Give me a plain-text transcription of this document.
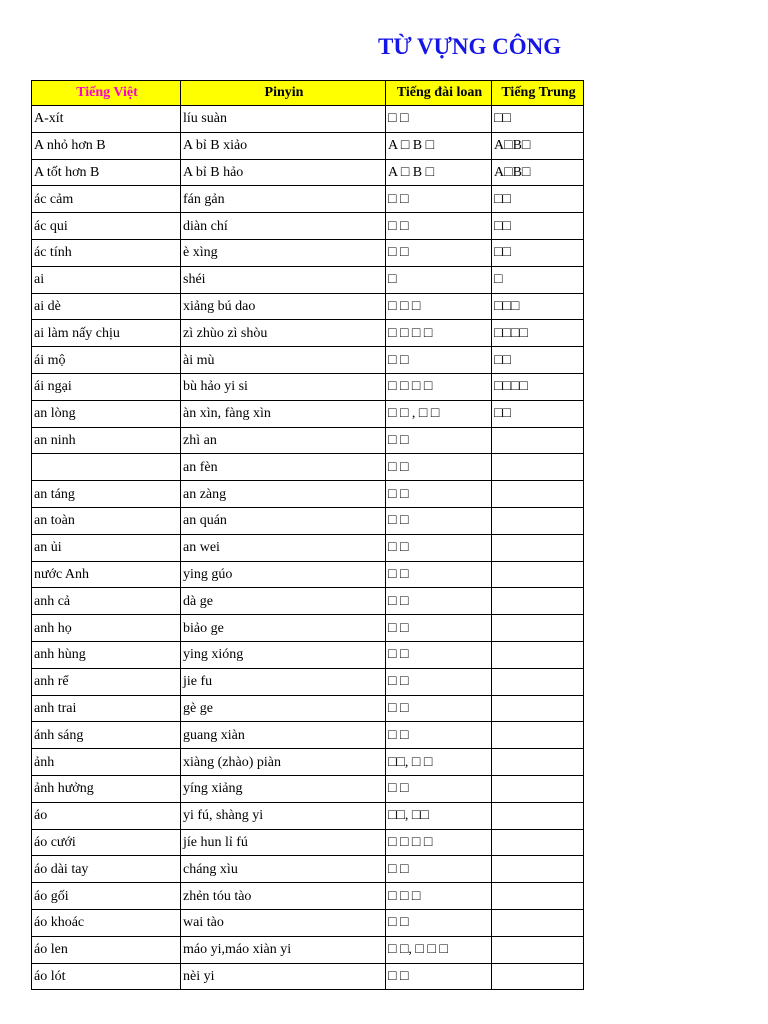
TỪ VỰNG CÔNG
Tiếng Việt	Pinyin	Tiếng đài loan	Tiếng Trung
A-xít	líu suàn	□ □	□□
A nhỏ hơn B	A bỉ B xiảo	A □ B □	A□B□
A tốt hơn B	A bỉ B hảo	A □ B □	A□B□
ác cảm	fán gản	□ □	□□
ác qui	diàn chí	□ □	□□
ác tính	è xìng	□ □	□□
ai	shéi	□	□
ai dè	xiảng bú dao	□ □ □	□□□
ai làm nấy chịu	zì zhùo zì shòu	□ □ □ □	□□□□
ái mộ	ài mù	□ □	□□
ái ngại	bù hảo yi si	□ □ □ □	□□□□
an lòng	àn xìn, fàng xìn	□ □ , □ □	□□
an ninh	zhì an	□ □	
	an fèn	□ □	
an táng	an zàng	□ □	
an toàn	an quán	□ □	
an ủi	an wei	□ □	
nước Anh	ying gúo	□ □	
anh cả	dà ge	□ □	
anh họ	biảo ge	□ □	
anh hùng	ying xióng	□ □	
anh rể	jie fu	□ □	
anh trai	gè ge	□ □	
ánh sáng	guang xiàn	□ □	
ảnh	xiàng (zhào) piàn	□□, □ □	
ảnh hưởng	yíng xiảng	□ □	
áo	yi fú, shàng yi	□□, □□	
áo cưới	jíe hun lỉ fú	□ □ □ □	
áo dài tay	cháng xìu	□ □	
áo gối	zhẻn tóu tào	□ □ □	
áo khoác	wai tào	□ □	
áo len	máo yi,máo xiàn yi	□ □, □ □ □	
áo lót	nèi yi	□ □	
